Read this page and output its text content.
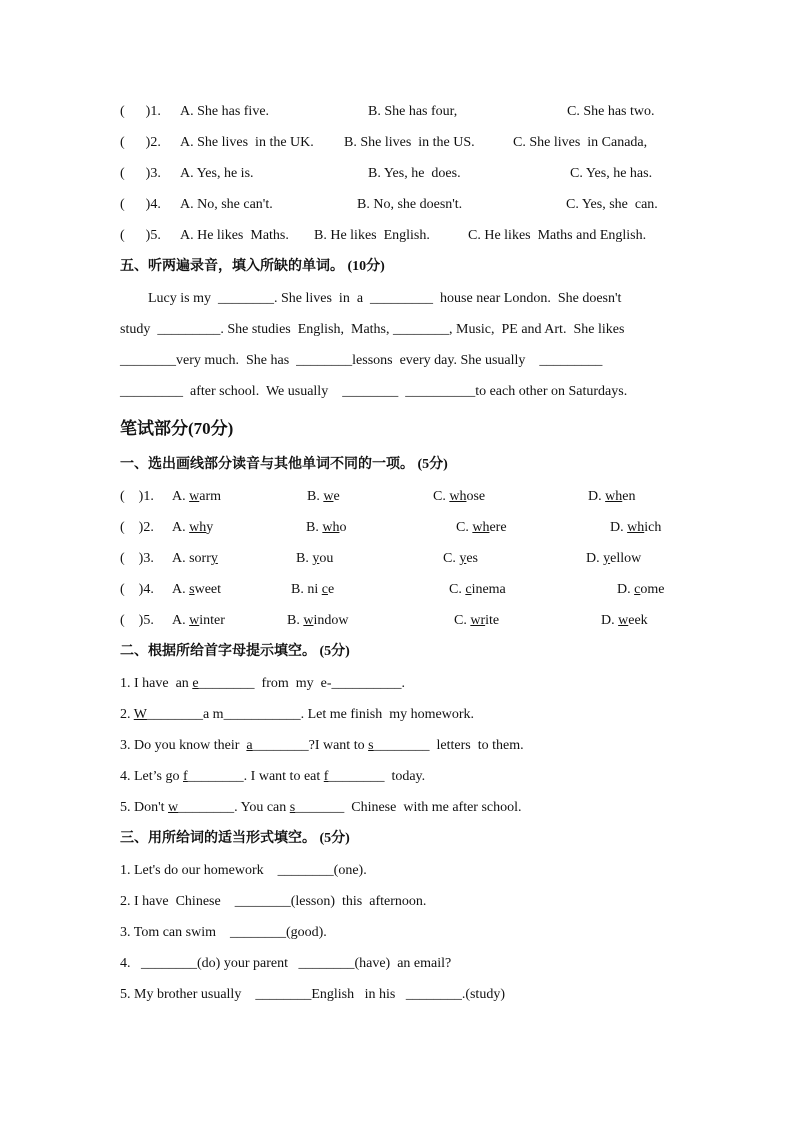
(      )1. A. She has five.	B. She has four,	C. She has two.
(      )2. A. She lives  in the UK. B. She lives  in the US.	C. She lives  in Canada,
(      )3. A. Yes, he is.	B. Yes, he  does.	C. Yes, he has.
(      )4. A. No, she can't.	B. No, she doesn't.	C. Yes, she  can.
(      )5. A. He likes  Maths. B. He likes  English.	C. He likes  Maths and English.
五、听两遍录音，填入所缺的单词。 (10分)
Lucy is my  ________. She lives  in  a  _________  house near London.  She doesn't
study  _________. She studies  English,  Maths, ________, Music,  PE and Art.  She likes
________very much.  She has  ________lessons  every day. She usually    _________
_________  after school.  We usually    ________  __________to each other on Saturdays.
笔试部分(70分)
一、选出画线部分读音与其他单词不同的一项。 (5分)
(    )1. A. warm	B. we	C. whose	D. when
(    )2. A. why	B. who	C. where	D. which
(    )3. A. sorry	B. you	C. yes	D. yellow
(    )4. A. sweet	B. ni ce	C. cinema	D. come
(    )5. A. winter	B. window	C. write	D. week
二、根据所给首字母提示填空。 (5分)
1. I have  an e________  from  my  e-__________.
2. W________a m___________. Let me finish  my homework.
3. Do you know their  a________?I want to s________  letters  to them.
4. Let’s go f________. I want to eat f________  today.
5. Don't w________. You can s_______  Chinese  with me after school.
三、用所给词的适当形式填空。 (5分)
1. Let's do our homework    ________(one).
2. I have  Chinese    ________(lesson)  this  afternoon.
3. Tom can swim    ________(good).
4.   ________(do) your parent   ________(have)  an email?
5. My brother usually    ________English   in his   ________.(study)
